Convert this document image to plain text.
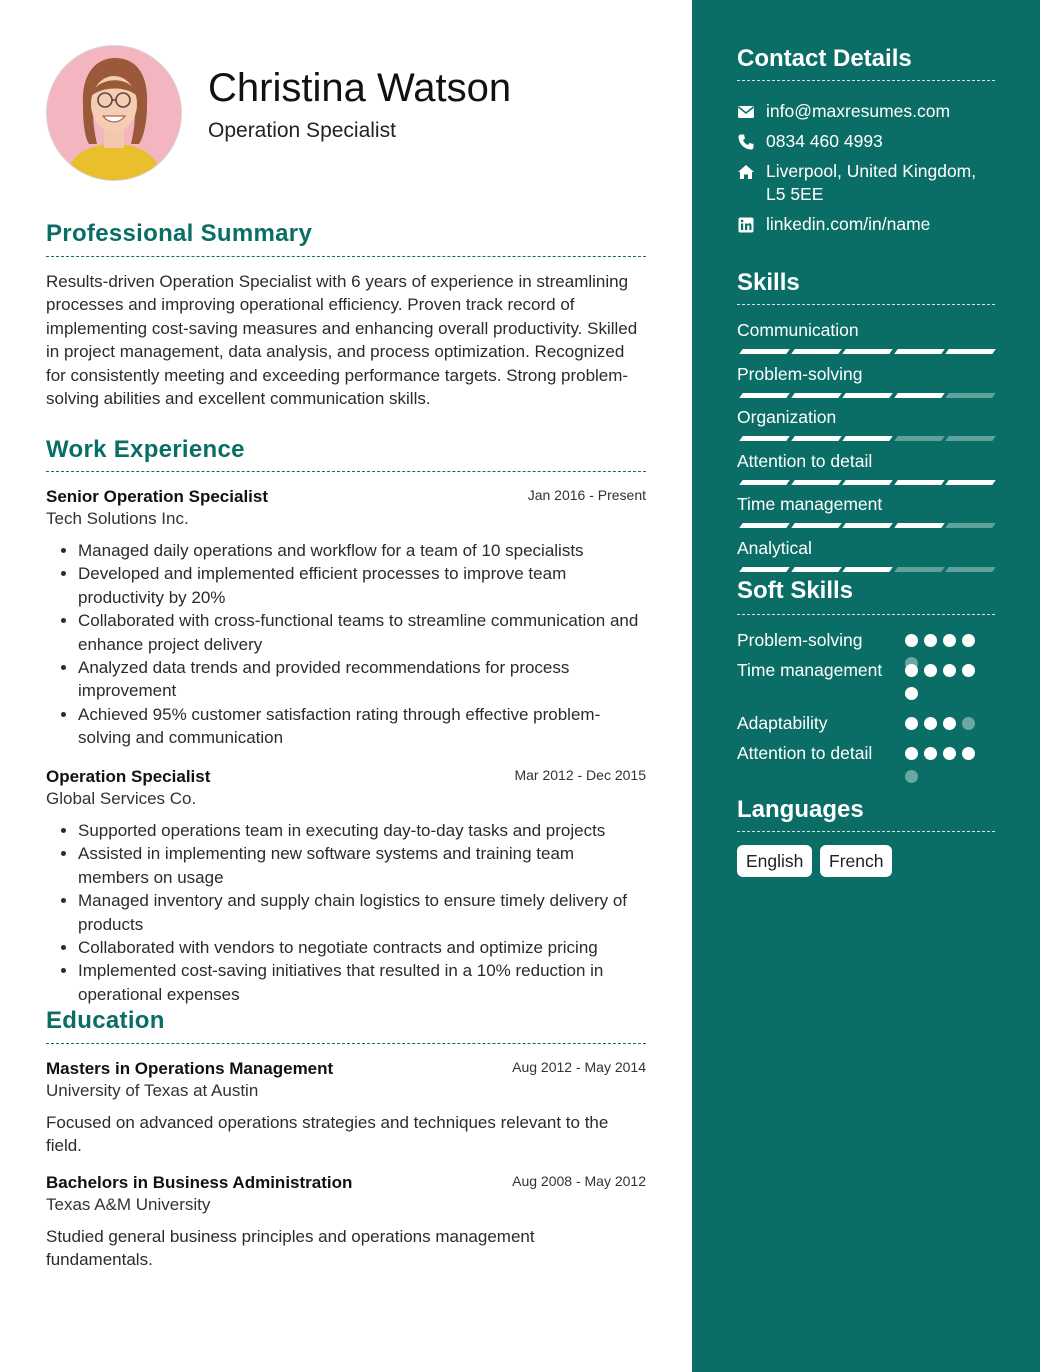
Christina Watson
Operation Specialist
Professional Summary
Results-driven Operation Specialist with 6 years of experience in streamlining processes and improving operational efficiency. Proven track record of implementing cost-saving measures and enhancing overall productivity. Skilled in project management, data analysis, and process optimization. Recognized for consistently meeting and exceeding performance targets. Strong problem-solving abilities and excellent communication skills.
Work Experience
Senior Operation Specialist	Jan 2016 - Present
Tech Solutions Inc.
• Managed daily operations and workflow for a team of 10 specialists
• Developed and implemented efficient processes to improve team productivity by 20%
• Collaborated with cross-functional teams to streamline communication and enhance project delivery
• Analyzed data trends and provided recommendations for process improvement
• Achieved 95% customer satisfaction rating through effective problem-solving and communication
Operation Specialist	Mar 2012 - Dec 2015
Global Services Co.
• Supported operations team in executing day-to-day tasks and projects
• Assisted in implementing new software systems and training team members on usage
• Managed inventory and supply chain logistics to ensure timely delivery of products
• Collaborated with vendors to negotiate contracts and optimize pricing
• Implemented cost-saving initiatives that resulted in a 10% reduction in operational expenses
Education
Masters in Operations Management	Aug 2012 - May 2014
University of Texas at Austin
Focused on advanced operations strategies and techniques relevant to the field.
Bachelors in Business Administration	Aug 2008 - May 2012
Texas A&M University
Studied general business principles and operations management fundamentals.
Contact Details
info@maxresumes.com
0834 460 4993
Liverpool, United Kingdom, L5 5EE
linkedin.com/in/name
Skills
Communication
Problem-solving
Organization
Attention to detail
Time management
Analytical
Soft Skills
Problem-solving
Time management
Adaptability
Attention to detail
Languages
English	French
